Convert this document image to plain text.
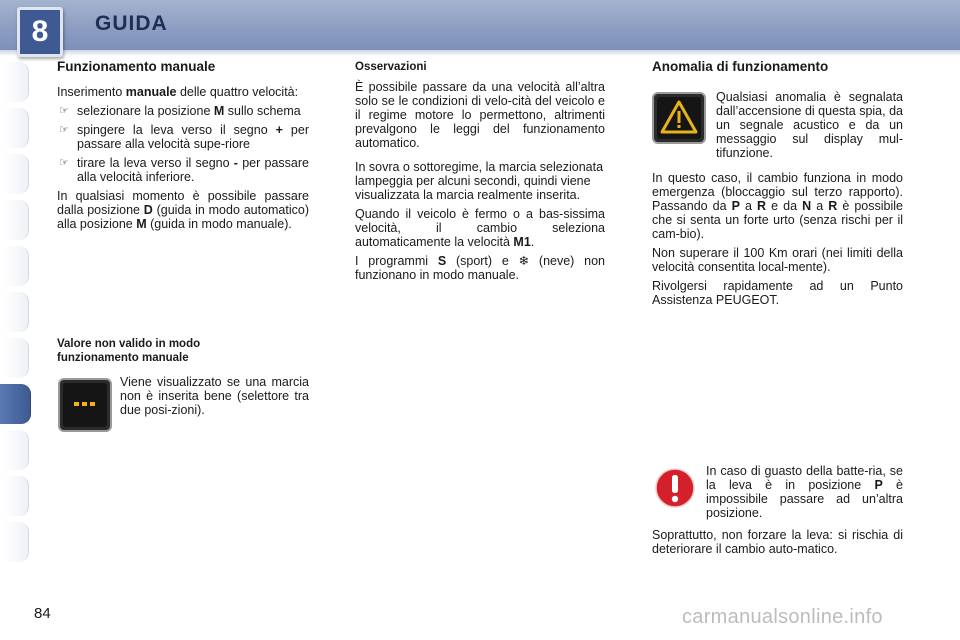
8	GUIDA
Funzionamento manuale

Inserimento manuale delle quattro velocità:

☞ selezionare la posizione M sullo schema
☞ spingere la leva verso il segno + per passare alla velocità supe-riore
☞ tirare la leva verso il segno - per passare alla velocità inferiore.

In qualsiasi momento è possibile passare dalla posizione D (guida in modo automatico) alla posizione M (guida in modo manuale).

Valore non valido in modo funzionamento manuale

Viene visualizzato se una marcia non è inserita bene (selettore tra due posi-zioni).

Osservazioni

È possibile passare da una velocità all’altra solo se le condizioni di velo-cità del veicolo e il regime motore lo permettono, altrimenti prevalgono le leggi del funzionamento automatico.

In sovra o sottoregime, la marcia selezionata lampeggia per alcuni secondi, quindi viene visualizzata la marcia realmente inserita.

Quando il veicolo è fermo o a bas-sissima velocità, il cambio seleziona automaticamente la velocità M1.

I programmi S (sport) e ❄ (neve) non funzionano in modo manuale.

Anomalia di funzionamento

Qualsiasi anomalia è segnalata dall’accensione di questa spia, da un segnale acustico e da un messaggio sul display mul-tifunzione.

In questo caso, il cambio funziona in modo emergenza (bloccaggio sul terzo rapporto). Passando da P a R e da N a R è possibile che si senta un forte urto (senza rischi per il cam-bio).

Non superare il 100 Km orari (nei limiti della velocità consentita local-mente).

Rivolgersi rapidamente ad un Punto Assistenza PEUGEOT.

In caso di guasto della batte-ria, se la leva è in posizione P è impossibile passare ad un’altra posizione.

Soprattutto, non forzare la leva: si rischia di deteriorare il cambio auto-matico.

84	carmanualsonline.info
